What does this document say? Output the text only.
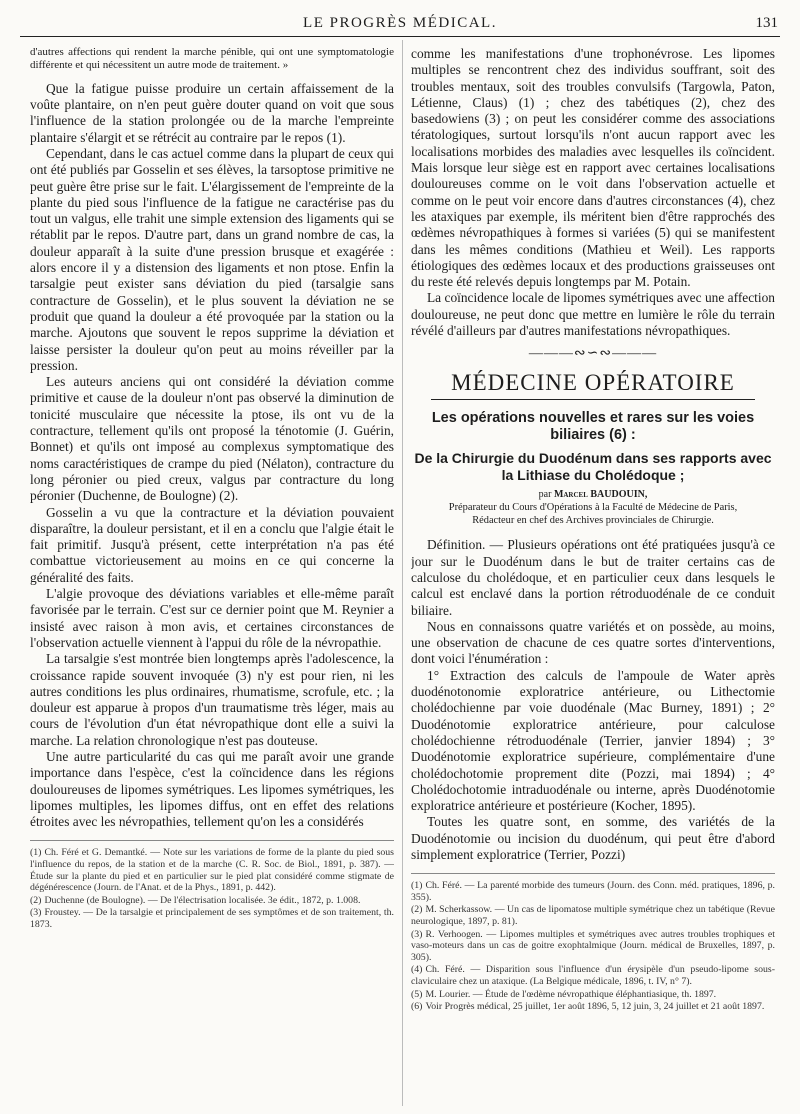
LE PROGRÈS MÉDICAL.	131

d'autres affections qui rendent la marche pénible, qui ont une symptomatologie différente et qui nécessitent un autre mode de traitement. »

Que la fatigue puisse produire un certain affaissement de la voûte plantaire, on n'en peut guère douter quand on voit que sous l'influence de la station prolongée ou de la marche l'empreinte plantaire s'élargit et se rétrécit au contraire par le repos (1).

Cependant, dans le cas actuel comme dans la plupart de ceux qui ont été publiés par Gosselin et ses élèves, la tarsoptose primitive ne peut guère être prise sur le fait. L'élargissement de l'empreinte de la plante du pied sous l'influence de la fatigue ne caractérise pas du tout un valgus, elle trahit une simple extension des ligaments qui se rétablit par le repos. D'autre part, dans un grand nombre de cas, la douleur apparaît à la suite d'une pression brusque et exagérée : alors encore il y a distension des ligaments et non ptose. Enfin la tarsalgie peut exister sans déviation du pied (tarsalgie sans contracture de Gosselin), et le plus souvent la déviation ne se produit que quand la douleur a été provoquée par la station ou la marche. Ajoutons que souvent le repos supprime la déviation et laisse persister la douleur qu'on peut au moins réveiller par la pression.

Les auteurs anciens qui ont considéré la déviation comme primitive et cause de la douleur n'ont pas observé la diminution de tonicité musculaire que nécessite la ptose, ils ont vu de la contracture, tellement qu'ils ont proposé la ténotomie (J. Guérin, Bonnet) et qu'ils ont imposé au complexus symptomatique des noms caractéristiques de crampe du pied (Nélaton), contracture du long péronier ou pied creux, valgus par contracture du long péronier (Duchenne, de Boulogne) (2).

Gosselin a vu que la contracture et la déviation pouvaient disparaître, la douleur persistant, et il en a conclu que l'algie était le fait primitif. Jusqu'à présent, cette interprétation n'a pas été combattue victorieusement au moins en ce qui concerne la généralité des faits.

L'algie provoque des déviations variables et elle-même paraît favorisée par le terrain. C'est sur ce dernier point que M. Reynier a insisté avec raison à mon avis, et certaines circonstances de l'observation actuelle viennent à l'appui du rôle de la névropathie.

La tarsalgie s'est montrée bien longtemps après l'adolescence, la croissance rapide souvent invoquée (3) n'y est pour rien, ni les autres conditions les plus ordinaires, rhumatisme, scrofule, etc. ; la douleur est apparue à propos d'un traumatisme très léger, mais au cours de l'évolution d'un état névropathique dont elle a suivi la marche. La relation chronologique n'est pas douteuse.

Une autre particularité du cas qui me paraît avoir une grande importance dans l'espèce, c'est la coïncidence dans les régions douloureuses de lipomes symétriques. Les lipomes symétriques, les lipomes multiples, les lipomes diffus, ont en effet des relations étroites avec les névropathies, tellement qu'on les a considérés

(1) Ch. Féré et G. Demantké. — Note sur les variations de forme de la plante du pied sous l'influence du repos, de la station et de la marche (C. R. Soc. de Biol., 1891, p. 387). — Étude sur la plante du pied et en particulier sur le pied plat considéré comme stigmate de dégénérescence (Journ. de l'Anat. et de la Phys., 1891, p. 442).

(2) Duchenne (de Boulogne). — De l'électrisation localisée. 3e édit., 1872, p. 1.008.

(3) Froustey. — De la tarsalgie et principalement de ses symptômes et de son traitement, th. 1873.

comme les manifestations d'une trophonévrose. Les lipomes multiples se rencontrent chez des individus souffrant, soit des troubles mentaux, soit des troubles convulsifs (Targowla, Paton, Létienne, Claus) (1) ; chez des tabétiques (2), chez des basedowiens (3) ; on peut les considérer comme des associations tératologiques, surtout lorsqu'ils n'ont aucun rapport avec les localisations morbides des maladies avec lesquelles ils coïncident. Mais lorsque leur siège est en rapport avec certaines localisations douloureuses comme on le voit dans l'observation actuelle et comme on le peut voir encore dans d'autres circonstances (4), chez les ataxiques par exemple, ils méritent bien d'être rapprochés des œdèmes névropathiques à formes si variées (5) qui se manifestent dans les mêmes conditions (Mathieu et Weil). Les rapports étiologiques des œdèmes locaux et des productions graisseuses ont du reste été relevés depuis longtemps par M. Potain.

La coïncidence locale de lipomes symétriques avec une affection douloureuse, ne peut donc que mettre en lumière le rôle du terrain révélé d'ailleurs par d'autres manifestations névropathiques.

———∾∽∾———
MÉDECINE OPÉRATOIRE
Les opérations nouvelles et rares sur les voies biliaires (6) :
De la Chirurgie du Duodénum dans ses rapports avec la Lithiase du Cholédoque ;
par Marcel BAUDOUIN,
Préparateur du Cours d'Opérations à la Faculté de Médecine de Paris,
Rédacteur en chef des Archives provinciales de Chirurgie.

Définition. — Plusieurs opérations ont été pratiquées jusqu'à ce jour sur le Duodénum dans le but de traiter certains cas de calculose du cholédoque, et en particulier ceux dans lesquels le calcul est enclavé dans la portion rétroduodénale de ce conduit biliaire.

Nous en connaissons quatre variétés et on possède, au moins, une observation de chacune de ces quatre sortes d'interventions, dont voici l'énumération :

1° Extraction des calculs de l'ampoule de Water après duodénotonomie exploratrice antérieure, ou Lithectomie cholédochienne par voie duodénale (Mac Burney, 1891) ; 2° Duodénotomie exploratrice antérieure, pour calculose cholédochienne rétroduodénale (Terrier, janvier 1894) ; 3° Duodénotomie exploratrice supérieure, complémentaire d'une cholédochotomie proprement dite (Pozzi, mai 1894) ; 4° Cholédochotomie intraduodénale ou interne, après Duodénotomie exploratrice antérieure et postérieure (Kocher, 1895).

Toutes les quatre sont, en somme, des variétés de la Duodénotomie ou incision du duodénum, qui peut être d'abord simplement exploratrice (Terrier, Pozzi)

(1) Ch. Féré. — La parenté morbide des tumeurs (Journ. des Conn. méd. pratiques, 1896, p. 355).

(2) M. Scherkassow. — Un cas de lipomatose multiple symétrique chez un tabétique (Revue neurologique, 1897, p. 81).

(3) R. Verhoogen. — Lipomes multiples et symétriques avec autres troubles trophiques et vaso-moteurs dans un cas de goitre exophtalmique (Journ. médical de Bruxelles, 1897, p. 305).

(4) Ch. Féré. — Disparition sous l'influence d'un érysipèle d'un pseudo-lipome sous-claviculaire chez un ataxique. (La Belgique médicale, 1896, t. IV, n° 7).

(5) M. Lourier. — Étude de l'œdème névropathique éléphantiasique, th. 1897.

(6) Voir Progrès médical, 25 juillet, 1er août 1896, 5, 12 juin, 3, 24 juillet et 21 août 1897.
